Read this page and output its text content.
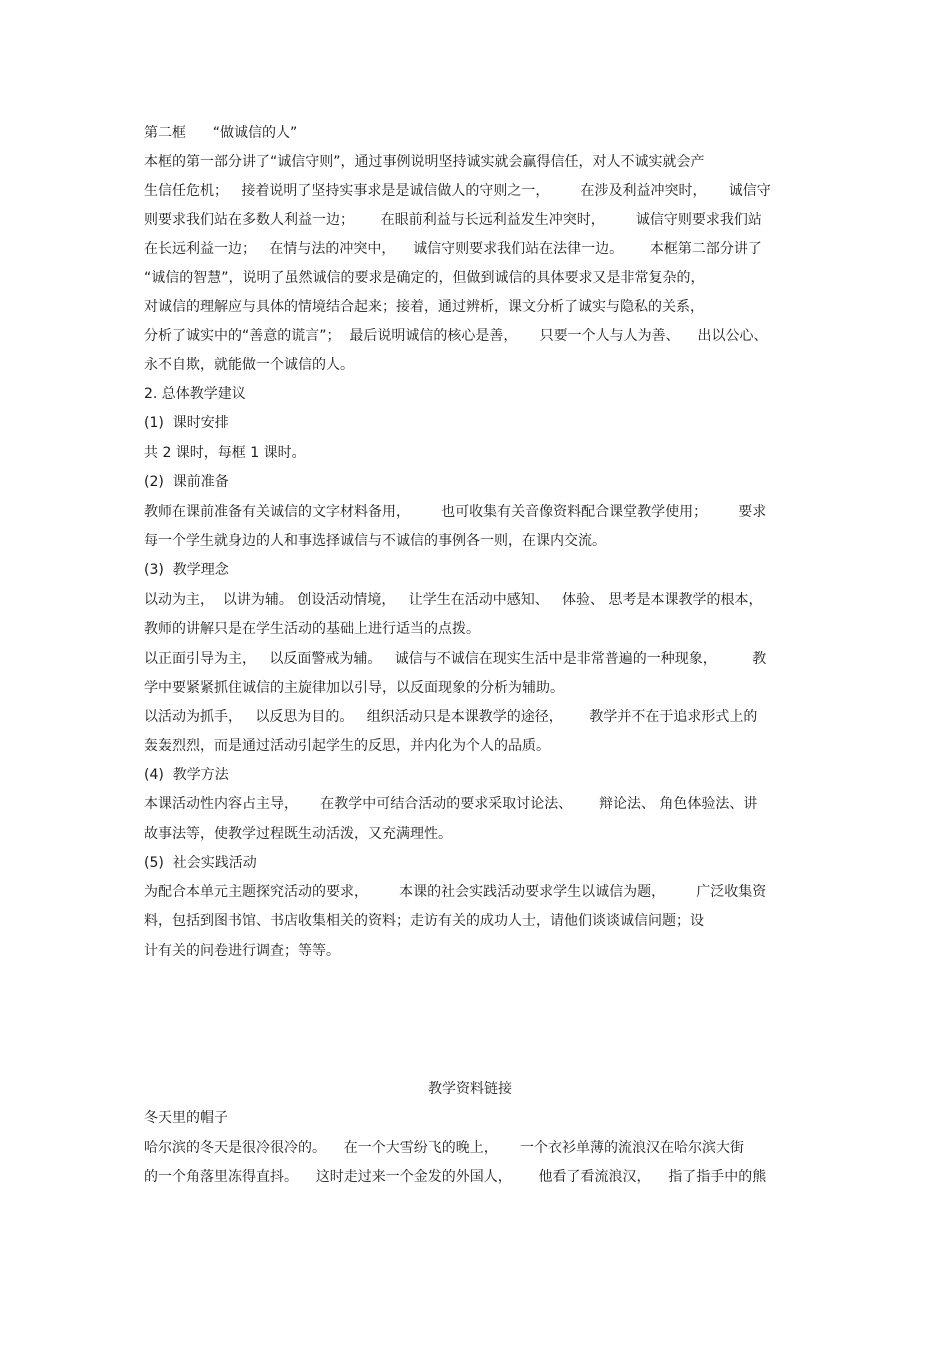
第二框      “做诚信的人”
本框的第一部分讲了“诚信守则”，通过事例说明坚持诚实就会赢得信任，对人不诚实就会产
生信任危机；   接着说明了坚持实事求是是诚信做人的守则之一，       在涉及利益冲突时，     诚信守
则要求我们站在多数人利益一边；      在眼前利益与长远利益发生冲突时，       诚信守则要求我们站
在长远利益一边；   在情与法的冲突中，    诚信守则要求我们站在法律一边。      本框第二部分讲了
“诚信的智慧”，说明了虽然诚信的要求是确定的，但做到诚信的具体要求又是非常复杂的，
对诚信的理解应与具体的情境结合起来；接着，通过辨析，课文分析了诚实与隐私的关系，
分析了诚实中的“善意的谎言”；  最后说明诚信的核心是善，     只要一个人与人为善、    出以公心、
永不自欺，就能做一个诚信的人。
2. 总体教学建议
(1)  课时安排
共 2 课时，每框 1 课时。
(2)  课前准备
教师在课前准备有关诚信的文字材料备用，       也可收集有关音像资料配合课堂教学使用；       要求
每一个学生就身边的人和事选择诚信与不诚信的事例各一则，在课内交流。
(3)  教学理念
以动为主，  以讲为辅。 创设活动情境，   让学生在活动中感知、   体验、 思考是本课教学的根本，
教师的讲解只是在学生活动的基础上进行适当的点拨。
以正面引导为主，   以反面警戒为辅。   诚信与不诚信在现实生活中是非常普遍的一种现象，        教
学中要紧紧抓住诚信的主旋律加以引导，以反面现象的分析为辅助。
以活动为抓手，   以反思为目的。   组织活动只是本课教学的途径，      教学并不在于追求形式上的
轰轰烈烈，而是通过活动引起学生的反思，并内化为个人的品质。
(4)  教学方法
本课活动性内容占主导，     在教学中可结合活动的要求采取讨论法、      辩论法、 角色体验法、讲
故事法等，使教学过程既生动活泼，又充满理性。
(5)  社会实践活动
为配合本单元主题探究活动的要求，       本课的社会实践活动要求学生以诚信为题，       广泛收集资
料，包括到图书馆、书店收集相关的资料；走访有关的成功人士，请他们谈谈诚信问题；设
计有关的问卷进行调查；等等。
教学资料链接
冬天里的帽子
哈尔滨的冬天是很冷很冷的。    在一个大雪纷飞的晚上，     一个衣衫单薄的流浪汉在哈尔滨大街
的一个角落里冻得直抖。    这时走过来一个金发的外国人，      他看了看流浪汉，    指了指手中的熊
